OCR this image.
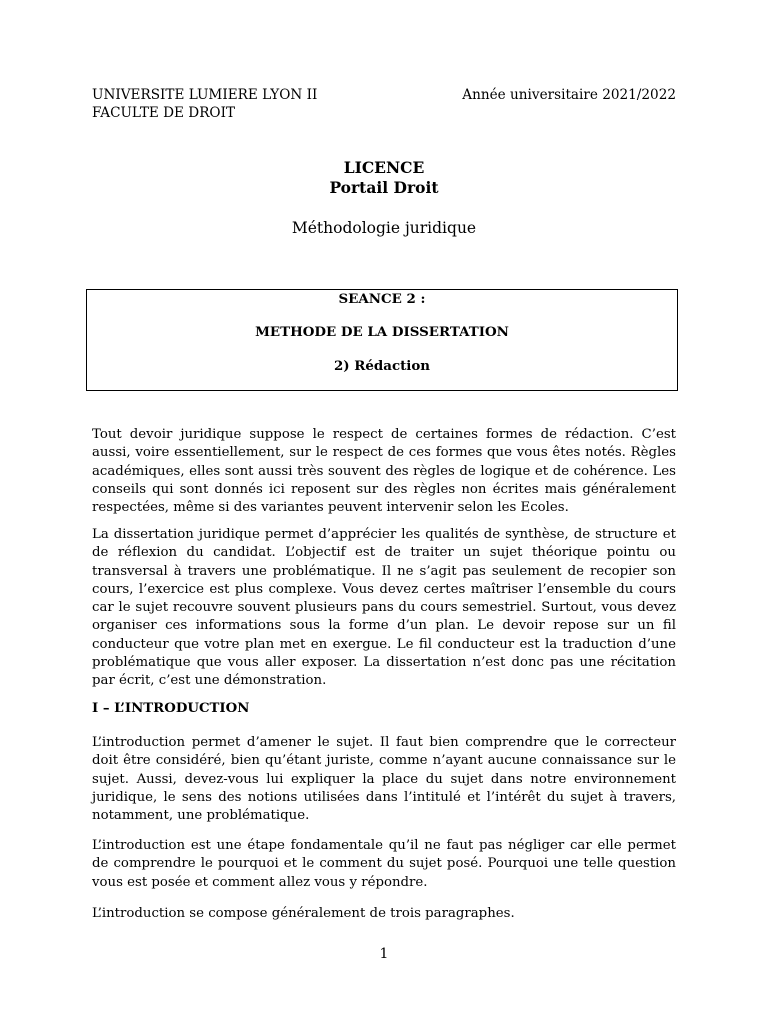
UNIVERSITE LUMIERE LYON II
FACULTE DE DROIT
Année universitaire 2021/2022
LICENCE
Portail Droit
Méthodologie juridique
SEANCE 2 :
METHODE DE LA DISSERTATION
2) Rédaction

Tout devoir juridique suppose le respect de certaines formes de rédaction. C’est aussi, voire essentiellement, sur le respect de ces formes que vous êtes notés. Règles académiques, elles sont aussi très souvent des règles de logique et de cohérence. Les conseils qui sont donnés ici reposent sur des règles non écrites mais généralement respectées, même si des variantes peuvent intervenir selon les Ecoles.

La dissertation juridique permet d’apprécier les qualités de synthèse, de structure et de réflexion du candidat. L’objectif est de traiter un sujet théorique pointu ou transversal à travers une problématique. Il ne s’agit pas seulement de recopier son cours, l’exercice est plus complexe. Vous devez certes maîtriser l’ensemble du cours car le sujet recouvre souvent plusieurs pans du cours semestriel. Surtout, vous devez organiser ces informations sous la forme d’un plan. Le devoir repose sur un fil conducteur que votre plan met en exergue. Le fil conducteur est la traduction d’une problématique que vous aller exposer. La dissertation n’est donc pas une récitation par écrit, c’est une démonstration.

I – L’INTRODUCTION

L’introduction permet d’amener le sujet. Il faut bien comprendre que le correcteur doit être considéré, bien qu’étant juriste, comme n’ayant aucune connaissance sur le sujet. Aussi, devez-vous lui expliquer la place du sujet dans notre environnement juridique, le sens des notions utilisées dans l’intitulé et l’intérêt du sujet à travers, notamment, une problématique.

L’introduction est une étape fondamentale qu’il ne faut pas négliger car elle permet de comprendre le pourquoi et le comment du sujet posé. Pourquoi une telle question vous est posée et comment allez vous y répondre.

L’introduction se compose généralement de trois paragraphes.

1
